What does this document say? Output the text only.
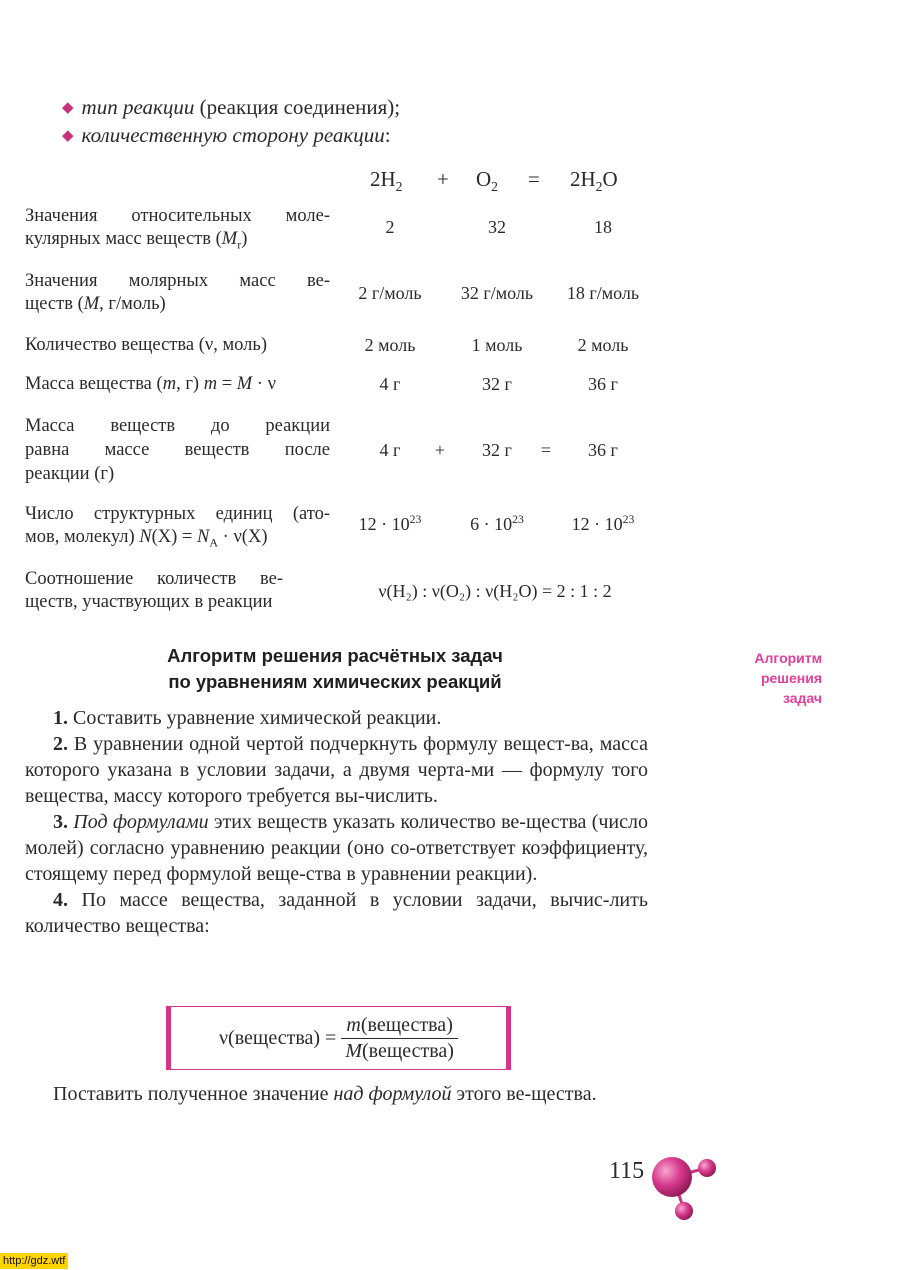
◆ тип реакции (реакция соединения);
◆ количественную сторону реакции:
$2H_2 + O_2 = 2H_2O$
Значения относительных моле-
кулярных масс веществ $(M_r)$
2	32	18
Значения молярных масс ве-
ществ (M, г/моль)
2 г/моль	32 г/моль	18 г/моль
Количество вещества (ν, моль)	2 моль	1 моль	2 моль
Масса вещества (m, г) m = M · ν	4 г	32 г	36 г
Масса веществ до реакции
равна массе веществ после
реакции (г)
4 г	+	32 г	=	36 г
Число структурных единиц (ато-
мов, молекул) $N(X) = N_A \cdot \nu(X)$
$12 \cdot 10^{23}$	$6 \cdot 10^{23}$	$12 \cdot 10^{23}$
Соотношение количеств ве-
ществ, участвующих в реакции
ν(H₂) : ν(O₂) : ν(H₂O) = 2 : 1 : 2
Алгоритм решения расчётных задач
по уравнениям химических реакций
Алгоритм
решения
задач
1. Составить уравнение химической реакции.
2. В уравнении одной чертой подчеркнуть формулу вещест-ва, масса которого указана в условии задачи, а двумя черта-ми — формулу того вещества, массу которого требуется вы-числить.
3. Под формулами этих веществ указать количество ве-щества (число молей) согласно уравнению реакции (оно со-ответствует коэффициенту, стоящему перед формулой веще-ства в уравнении реакции).
4. По массе вещества, заданной в условии задачи, вычис-лить количество вещества:
ν(вещества) =
$\frac{\text{m(вещества)}}{\text{M(вещества)}}$
Поставить полученное значение над формулой этого ве-щества.
115
http://gdz.wtf
